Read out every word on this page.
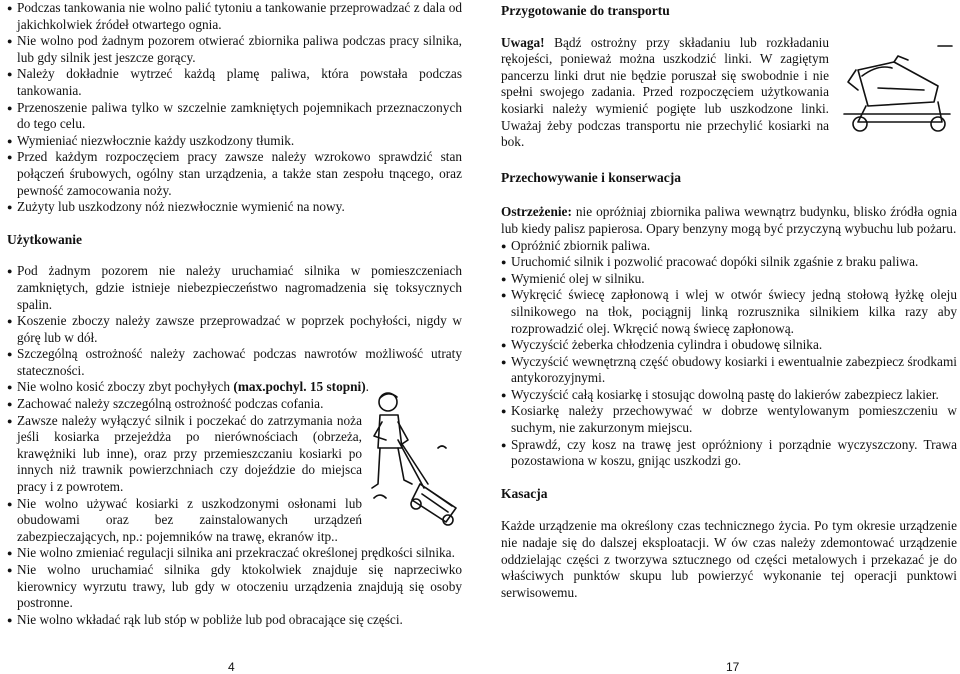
● Podczas tankowania nie wolno palić tytoniu a tankowanie przeprowadzać z dala od jakichkolwiek źródeł otwartego ognia.
● Nie wolno pod żadnym pozorem otwierać zbiornika paliwa podczas pracy silnika, lub gdy silnik jest jeszcze gorący.
● Należy dokładnie wytrzeć każdą plamę paliwa, która powstała podczas tankowania.
● Przenoszenie paliwa tylko w szczelnie zamkniętych pojemnikach przeznaczonych do tego celu.
● Wymieniać niezwłocznie każdy uszkodzony tłumik.
● Przed każdym rozpoczęciem pracy zawsze należy wzrokowo sprawdzić stan połączeń śrubowych, ogólny stan urządzenia, a także stan zespołu tnącego, oraz pewność zamocowania noży.
● Zużyty lub uszkodzony nóż niezwłocznie wymienić na nowy.
Użytkowanie
● Pod żadnym pozorem nie należy uruchamiać silnika w pomieszczeniach zamkniętych, gdzie istnieje niebezpieczeństwo nagromadzenia się toksycznych spalin.
● Koszenie zboczy należy zawsze przeprowadzać w poprzek pochyłości, nigdy w górę lub w dół.
● Szczególną ostrożność należy zachować podczas nawrotów możliwość utraty stateczności.
● Nie wolno kosić zboczy zbyt pochyłych (max.pochyl. 15 stopni).
● Zachować należy szczególną ostrożność podczas cofania.
● Zawsze należy wyłączyć silnik i poczekać do zatrzymania noża jeśli kosiarka przejeżdża po nierównościach (obrzeża, krawężniki lub inne), oraz przy przemieszczaniu kosiarki po innych niż trawnik powierzchniach czy dojeździe do miejsca pracy i z powrotem.
● Nie wolno używać kosiarki z uszkodzonymi osłonami lub obudowami oraz bez zainstalowanych urządzeń zabezpieczających, np.: pojemników na trawę, ekranów itp..
● Nie wolno zmieniać regulacji silnika ani przekraczać określonej prędkości silnika.
● Nie wolno uruchamiać silnika gdy ktokolwiek znajduje się naprzeciwko kierownicy wyrzutu trawy, lub gdy w otoczeniu urządzenia znajdują się osoby postronne.
● Nie wolno wkładać rąk lub stóp w pobliże lub pod obracające się części.
Przygotowanie do transportu

Uwaga! Bądź ostrożny przy składaniu lub rozkładaniu rękojeści, ponieważ można uszkodzić linki. W zagiętym pancerzu linki drut nie będzie poruszał się swobodnie i nie spełni swojego zadania. Przed rozpoczęciem użytkowania kosiarki należy wymienić pogięte lub uszkodzone linki. Uważaj żeby podczas transportu nie przechylić kosiarki na bok.

Przechowywanie i konserwacja

Ostrzeżenie: nie opróżniaj zbiornika paliwa wewnątrz budynku, blisko źródła ognia lub kiedy palisz papierosa. Opary benzyny mogą być przyczyną wybuchu lub pożaru.

● Opróżnić zbiornik paliwa.
● Uruchomić silnik i pozwolić pracować dopóki silnik zgaśnie z braku paliwa.
● Wymienić olej w silniku.
● Wykręcić świecę zapłonową i wlej w otwór świecy jedną stołową łyżkę oleju silnikowego na tłok, pociągnij linką rozrusznika silnikiem kilka razy aby rozprowadzić olej. Wkręcić nową świecę zapłonową.
● Wyczyścić żeberka chłodzenia cylindra i obudowę silnika.
● Wyczyścić wewnętrzną część obudowy kosiarki i ewentualnie zabezpiecz środkami antykorozyjnymi.
● Wyczyścić całą kosiarkę i stosując dowolną pastę do lakierów zabezpiecz lakier.
● Kosiarkę należy przechowywać w dobrze wentylowanym pomieszczeniu w suchym, nie zakurzonym miejscu.
● Sprawdź, czy kosz na trawę jest opróżniony i porządnie wyczyszczony. Trawa pozostawiona w koszu, gnijąc uszkodzi go.
Kasacja

Każde urządzenie ma określony czas technicznego życia. Po tym okresie urządzenie nie nadaje się do dalszej eksploatacji. W ów czas należy zdemontować urządzenie oddzielając części z tworzywa sztucznego od części metalowych i przekazać je do właściwych punktów skupu lub powierzyć wykonanie tej operacji punktowi serwisowemu.

4	17
